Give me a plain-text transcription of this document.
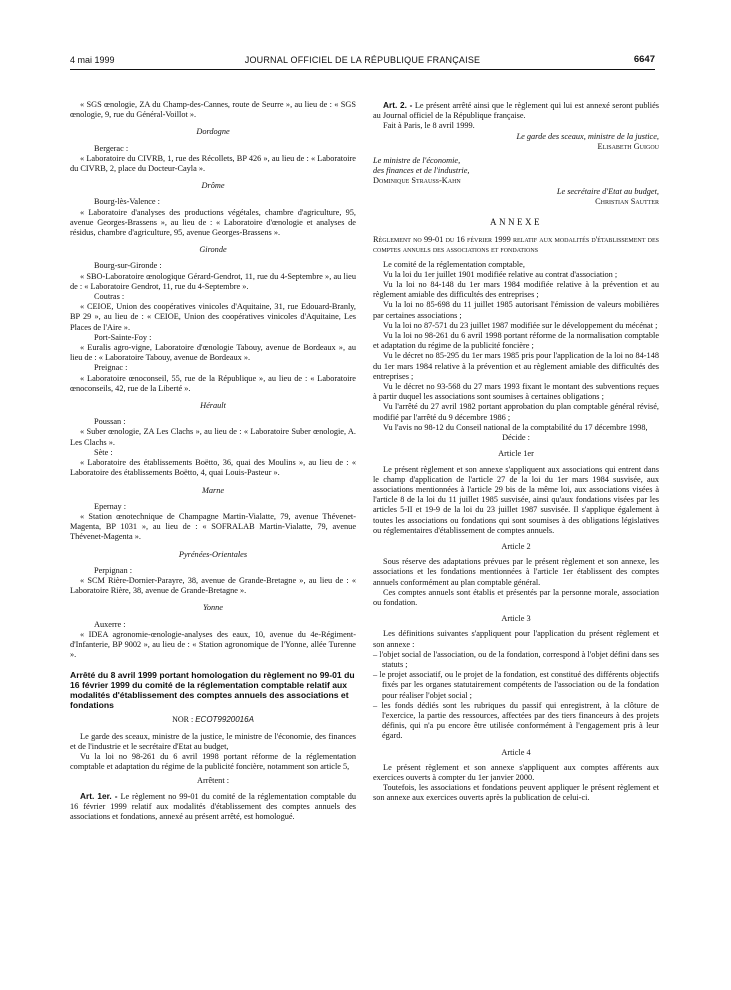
4 mai 1999	JOURNAL OFFICIEL DE LA RÉPUBLIQUE FRANÇAISE	6647

« SGS œnologie, ZA du Champ-des-Cannes, route de Seurre », au lieu de : « SGS œnologie, 9, rue du Général-Voillot ».

Dordogne

Bergerac :

« Laboratoire du CIVRB, 1, rue des Récollets, BP 426 », au lieu de : « Laboratoire du CIVRB, 2, place du Docteur-Cayla ».

Drôme

Bourg-lès-Valence :

« Laboratoire d'analyses des productions végétales, chambre d'agriculture, 95, avenue Georges-Brassens », au lieu de : « Laboratoire d'œnologie et analyses de résidus, chambre d'agriculture, 95, avenue Georges-Brassens ».

Gironde

Bourg-sur-Gironde :

« SBO-Laboratoire œnologique Gérard-Gendrot, 11, rue du 4-Septembre », au lieu de : « Laboratoire Gendrot, 11, rue du 4-Septembre ».

Coutras :

« CEIOE, Union des coopératives vinicoles d'Aquitaine, 31, rue Edouard-Branly, BP 29 », au lieu de : « CEIOE, Union des coopératives vinicoles d'Aquitaine, Les Places de l'Aire ».

Port-Sainte-Foy :

« Euralis agro-vigne, Laboratoire d'œnologie Tabouy, avenue de Bordeaux », au lieu de : « Laboratoire Tabouy, avenue de Bordeaux ».

Preignac :

« Laboratoire œnoconseil, 55, rue de la République », au lieu de : « Laboratoire œnoconseils, 42, rue de la Liberté ».

Hérault

Poussan :

« Suber œnologie, ZA Les Clachs », au lieu de : « Laboratoire Suber œnologie, A. Les Clachs ».

Sète :

« Laboratoire des établissements Boëtto, 36, quai des Moulins », au lieu de : « Laboratoire des établissements Boëtto, 4, quai Louis-Pasteur ».

Marne

Epernay :

« Station œnotechnique de Champagne Martin-Vialatte, 79, avenue Thévenet-Magenta, BP 1031 », au lieu de : « SOFRALAB Martin-Vialatte, 79, avenue Thévenet-Magenta ».

Pyrénées-Orientales

Perpignan :

« SCM Rière-Dornier-Parayre, 38, avenue de Grande-Bretagne », au lieu de : « Laboratoire Rière, 38, avenue de Grande-Bretagne ».

Yonne

Auxerre :

« IDEA agronomie-œnologie-analyses des eaux, 10, avenue du 4e-Régiment-d'Infanterie, BP 9002 », au lieu de : « Station agronomique de l'Yonne, allée Turenne ».

Arrêté du 8 avril 1999 portant homologation du règlement no 99-01 du 16 février 1999 du comité de la réglementation comptable relatif aux modalités d'établissement des comptes annuels des associations et fondations

NOR : ECOT9920016A

Le garde des sceaux, ministre de la justice, le ministre de l'économie, des finances et de l'industrie et le secrétaire d'Etat au budget,

Vu la loi no 98-261 du 6 avril 1998 portant réforme de la réglementation comptable et adaptation du régime de la publicité foncière, notamment son article 5,

Arrêtent :

Art. 1er. - Le règlement no 99-01 du comité de la réglementation comptable du 16 février 1999 relatif aux modalités d'établissement des comptes annuels des associations et fondations, annexé au présent arrêté, est homologué.

Art. 2. - Le présent arrêté ainsi que le règlement qui lui est annexé seront publiés au Journal officiel de la République française.

Fait à Paris, le 8 avril 1999.

Le garde des sceaux, ministre de la justice,

Elisabeth Guigou

Le ministre de l'économie,

des finances et de l'industrie,

Dominique Strauss-Kahn

Le secrétaire d'Etat au budget,

Christian Sautter

ANNEXE

Règlement no 99-01 du 16 février 1999 relatif aux modalités d'établissement des comptes annuels des associations et fondations

Le comité de la réglementation comptable,

Vu la loi du 1er juillet 1901 modifiée relative au contrat d'association ;

Vu la loi no 84-148 du 1er mars 1984 modifiée relative à la prévention et au règlement amiable des difficultés des entreprises ;

Vu la loi no 85-698 du 11 juillet 1985 autorisant l'émission de valeurs mobilières par certaines associations ;

Vu la loi no 87-571 du 23 juillet 1987 modifiée sur le développement du mécénat ;

Vu la loi no 98-261 du 6 avril 1998 portant réforme de la normalisation comptable et adaptation du régime de la publicité foncière ;

Vu le décret no 85-295 du 1er mars 1985 pris pour l'application de la loi no 84-148 du 1er mars 1984 relative à la prévention et au règlement amiable des difficultés des entreprises ;

Vu le décret no 93-568 du 27 mars 1993 fixant le montant des subventions reçues à partir duquel les associations sont soumises à certaines obligations ;

Vu l'arrêté du 27 avril 1982 portant approbation du plan comptable général révisé, modifié par l'arrêté du 9 décembre 1986 ;

Vu l'avis no 98-12 du Conseil national de la comptabilité du 17 décembre 1998,

Décide :

Article 1er

Le présent règlement et son annexe s'appliquent aux associations qui entrent dans le champ d'application de l'article 27 de la loi du 1er mars 1984 susvisée, aux associations mentionnées à l'article 29 bis de la même loi, aux associations visées à l'article 8 de la loi du 11 juillet 1985 susvisée, ainsi qu'aux fondations visées par les articles 5-II et 19-9 de la loi du 23 juillet 1987 susvisée. Il s'applique également à toutes les associations ou fondations qui sont soumises à des obligations législatives ou réglementaires d'établissement de comptes annuels.

Article 2

Sous réserve des adaptations prévues par le présent règlement et son annexe, les associations et les fondations mentionnées à l'article 1er établissent des comptes annuels conformément au plan comptable général.

Ces comptes annuels sont établis et présentés par la personne morale, association ou fondation.

Article 3

Les définitions suivantes s'appliquent pour l'application du présent règlement et son annexe :

– l'objet social de l'association, ou de la fondation, correspond à l'objet défini dans ses statuts ;

– le projet associatif, ou le projet de la fondation, est constitué des différents objectifs fixés par les organes statutairement compétents de l'association ou de la fondation pour réaliser l'objet social ;

– les fonds dédiés sont les rubriques du passif qui enregistrent, à la clôture de l'exercice, la partie des ressources, affectées par des tiers financeurs à des projets définis, qui n'a pu encore être utilisée conformément à l'engagement pris à leur égard.

Article 4

Le présent règlement et son annexe s'appliquent aux comptes afférents aux exercices ouverts à compter du 1er janvier 2000.

Toutefois, les associations et fondations peuvent appliquer le présent règlement et son annexe aux exercices ouverts après la publication de celui-ci.
